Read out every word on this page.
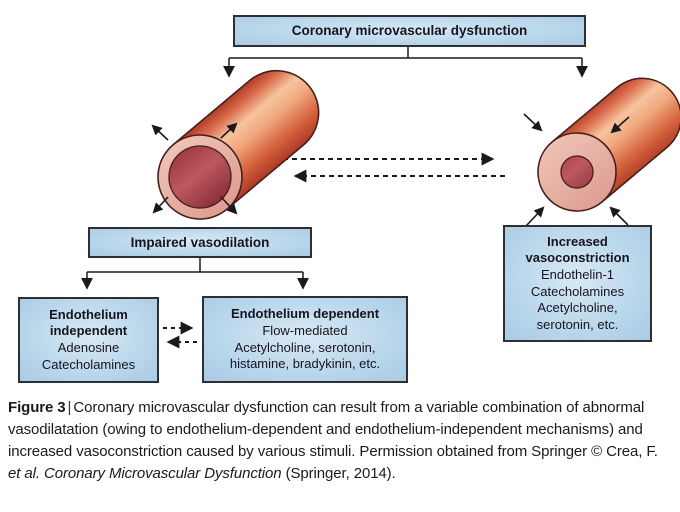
Coronary microvascular dysfunction
Impaired vasodilation
Endothelium independent
Adenosine
Catecholamines
Endothelium dependent
Flow-mediated
Acetylcholine, serotonin,
histamine, bradykinin, etc.
Increased vasoconstriction
Endothelin-1
Catecholamines
Acetylcholine,
serotonin, etc.

Figure 3 | Coronary microvascular dysfunction can result from a variable combination of abnormal vasodilatation (owing to endothelium-dependent and endothelium-independent mechanisms) and increased vasoconstriction caused by various stimuli. Permission obtained from Springer © Crea, F. et al. Coronary Microvascular Dysfunction (Springer, 2014).
